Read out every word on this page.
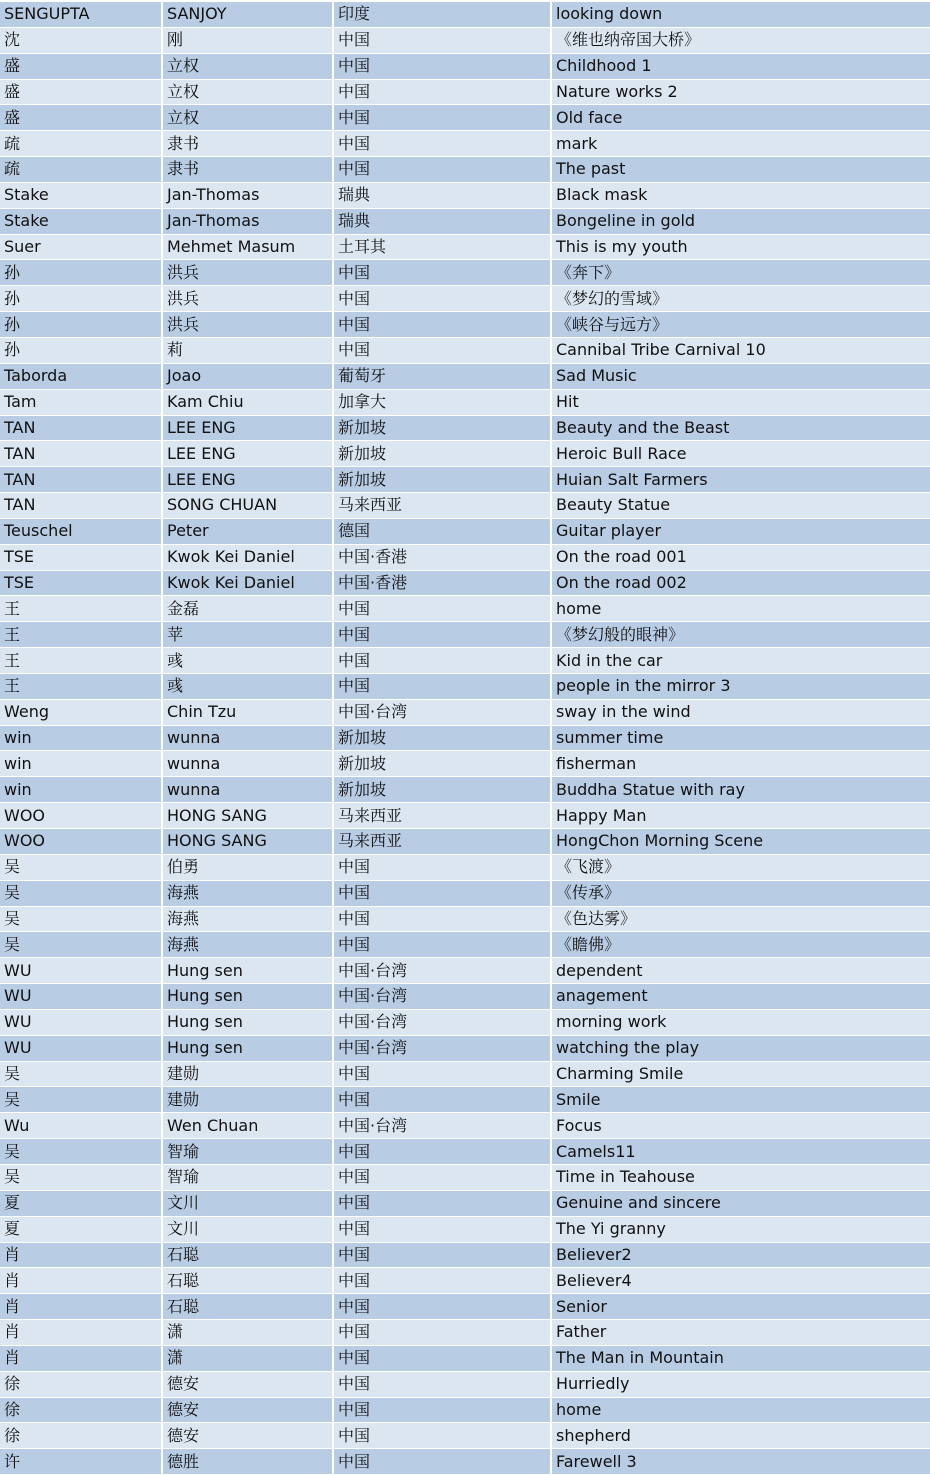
SENGUPTA	SANJOY	印度	looking down
沈	刚	中国	《维也纳帝国大桥》
盛	立权	中国	Childhood 1
盛	立权	中国	Nature works 2
盛	立权	中国	Old face
疏	隶书	中国	mark
疏	隶书	中国	The past
Stake	Jan-Thomas	瑞典	Black mask
Stake	Jan-Thomas	瑞典	Bongeline in gold
Suer	Mehmet Masum	土耳其	This is my youth
孙	洪兵	中国	《奔下》
孙	洪兵	中国	《梦幻的雪域》
孙	洪兵	中国	《峡谷与远方》
孙	莉	中国	Cannibal Tribe Carnival 10
Taborda	Joao	葡萄牙	Sad Music
Tam	Kam Chiu	加拿大	Hit
TAN	LEE ENG	新加坡	Beauty and the Beast
TAN	LEE ENG	新加坡	Heroic Bull Race
TAN	LEE ENG	新加坡	Huian Salt Farmers
TAN	SONG CHUAN	马来西亚	Beauty Statue
Teuschel	Peter	德国	Guitar player
TSE	Kwok Kei Daniel	中国·香港	On the road 001
TSE	Kwok Kei Daniel	中国·香港	On the road 002
王	金磊	中国	home
王	苹	中国	《梦幻般的眼神》
王	彧	中国	Kid in the car
王	彧	中国	people in the mirror 3
Weng	Chin Tzu	中国·台湾	sway in the wind
win	wunna	新加坡	summer time
win	wunna	新加坡	fisherman
win	wunna	新加坡	Buddha Statue with ray
WOO	HONG SANG	马来西亚	Happy Man
WOO	HONG SANG	马来西亚	HongChon Morning Scene
吴	伯勇	中国	《飞渡》
吴	海燕	中国	《传承》
吴	海燕	中国	《色达雾》
吴	海燕	中国	《瞻佛》
WU	Hung sen	中国·台湾	dependent
WU	Hung sen	中国·台湾	anagement
WU	Hung sen	中国·台湾	morning work
WU	Hung sen	中国·台湾	watching the play
吴	建勋	中国	Charming Smile
吴	建勋	中国	Smile
Wu	Wen Chuan	中国·台湾	Focus
吴	智瑜	中国	Camels11
吴	智瑜	中国	Time in Teahouse
夏	文川	中国	Genuine and sincere
夏	文川	中国	The Yi granny
肖	石聪	中国	Believer2
肖	石聪	中国	Believer4
肖	石聪	中国	Senior
肖	潇	中国	Father
肖	潇	中国	The Man in Mountain
徐	德安	中国	Hurriedly
徐	德安	中国	home
徐	德安	中国	shepherd
许	德胜	中国	Farewell 3
